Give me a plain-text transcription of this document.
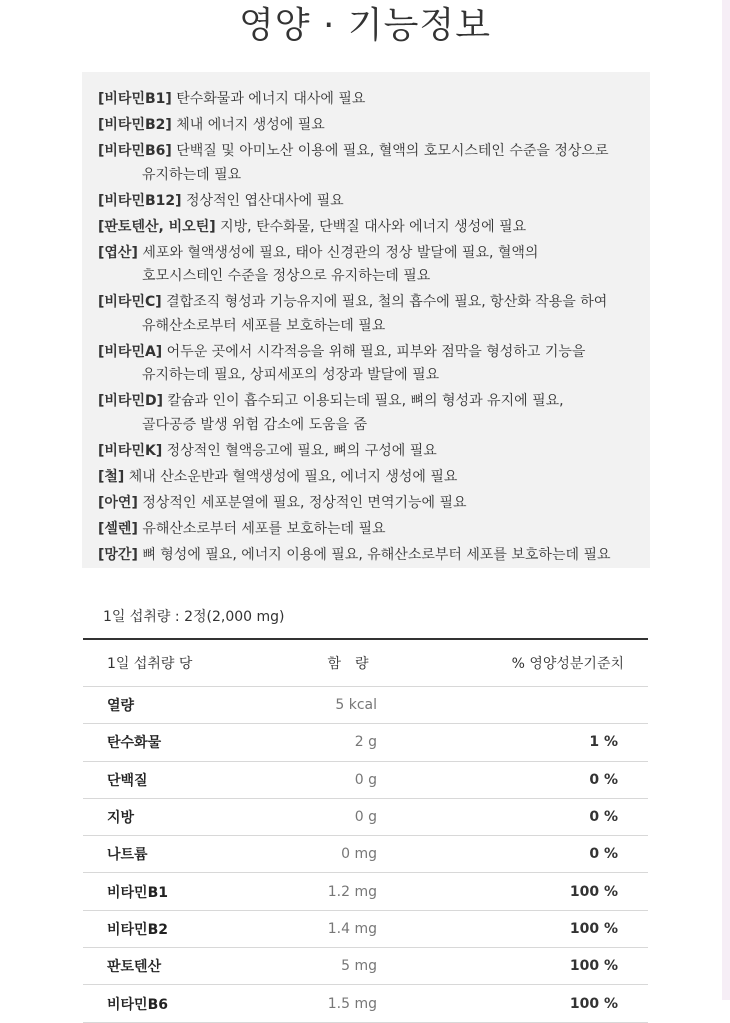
영양 · 기능정보
[비타민B1] 탄수화물과 에너지 대사에 필요
[비타민B2] 체내 에너지 생성에 필요
[비타민B6] 단백질 및 아미노산 이용에 필요, 혈액의 호모시스테인 수준을 정상으로
유지하는데 필요
[비타민B12] 정상적인 엽산대사에 필요
[판토텐산, 비오틴] 지방, 탄수화물, 단백질 대사와 에너지 생성에 필요
[엽산] 세포와 혈액생성에 필요, 태아 신경관의 정상 발달에 필요, 혈액의
호모시스테인 수준을 정상으로 유지하는데 필요
[비타민C] 결합조직 형성과 기능유지에 필요, 철의 흡수에 필요, 항산화 작용을 하여
유해산소로부터 세포를 보호하는데 필요
[비타민A] 어두운 곳에서 시각적응을 위해 필요, 피부와 점막을 형성하고 기능을
유지하는데 필요, 상피세포의 성장과 발달에 필요
[비타민D] 칼슘과 인이 흡수되고 이용되는데 필요, 뼈의 형성과 유지에 필요,
골다공증 발생 위험 감소에 도움을 줌
[비타민K] 정상적인 혈액응고에 필요, 뼈의 구성에 필요
[철] 체내 산소운반과 혈액생성에 필요, 에너지 생성에 필요
[아연] 정상적인 세포분열에 필요, 정상적인 면역기능에 필요
[셀렌] 유해산소로부터 세포를 보호하는데 필요
[망간] 뼈 형성에 필요, 에너지 이용에 필요, 유해산소로부터 세포를 보호하는데 필요
1일 섭취량 : 2정(2,000 mg)
1일 섭취량 당	함　량	% 영양성분기준치
열량	5 kcal
탄수화물	2 g	1 %
단백질	0 g	0 %
지방	0 g	0 %
나트륨	0 mg	0 %
비타민B1	1.2 mg	100 %
비타민B2	1.4 mg	100 %
판토텐산	5 mg	100 %
비타민B6	1.5 mg	100 %
